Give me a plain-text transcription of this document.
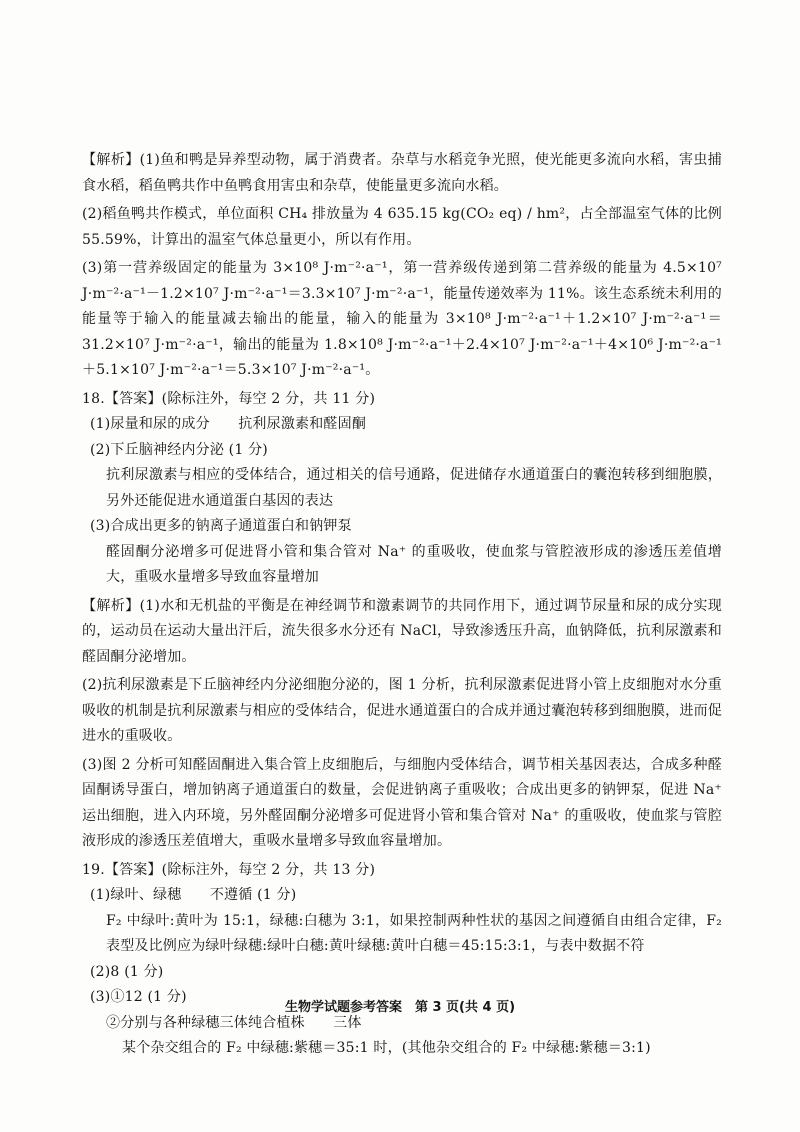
【解析】(1)鱼和鸭是异养型动物，属于消费者。杂草与水稻竞争光照，使光能更多流向水稻，害虫捕食水稻，稻鱼鸭共作中鱼鸭食用害虫和杂草，使能量更多流向水稻。

(2)稻鱼鸭共作模式，单位面积 CH₄ 排放量为 4 635.15 kg(CO₂ eq) / hm²，占全部温室气体的比例 55.59%，计算出的温室气体总量更小，所以有作用。

(3)第一营养级固定的能量为 3×10⁸ J·m⁻²·a⁻¹，第一营养级传递到第二营养级的能量为 4.5×10⁷ J·m⁻²·a⁻¹－1.2×10⁷ J·m⁻²·a⁻¹＝3.3×10⁷ J·m⁻²·a⁻¹，能量传递效率为 11%。该生态系统未利用的能量等于输入的能量减去输出的能量，输入的能量为 3×10⁸ J·m⁻²·a⁻¹＋1.2×10⁷ J·m⁻²·a⁻¹＝31.2×10⁷ J·m⁻²·a⁻¹，输出的能量为 1.8×10⁸ J·m⁻²·a⁻¹＋2.4×10⁷ J·m⁻²·a⁻¹＋4×10⁶ J·m⁻²·a⁻¹＋5.1×10⁷ J·m⁻²·a⁻¹＝5.3×10⁷ J·m⁻²·a⁻¹。

18.【答案】(除标注外，每空 2 分，共 11 分)

(1)尿量和尿的成分　　抗利尿激素和醛固酮

(2)下丘脑神经内分泌 (1 分)

抗利尿激素与相应的受体结合，通过相关的信号通路，促进储存水通道蛋白的囊泡转移到细胞膜，另外还能促进水通道蛋白基因的表达

(3)合成出更多的钠离子通道蛋白和钠钾泵

醛固酮分泌增多可促进肾小管和集合管对 Na⁺ 的重吸收，使血浆与管腔液形成的渗透压差值增大，重吸水量增多导致血容量增加

【解析】(1)水和无机盐的平衡是在神经调节和激素调节的共同作用下，通过调节尿量和尿的成分实现的，运动员在运动大量出汗后，流失很多水分还有 NaCl，导致渗透压升高，血钠降低，抗利尿激素和醛固酮分泌增加。

(2)抗利尿激素是下丘脑神经内分泌细胞分泌的，图 1 分析，抗利尿激素促进肾小管上皮细胞对水分重吸收的机制是抗利尿激素与相应的受体结合，促进水通道蛋白的合成并通过囊泡转移到细胞膜，进而促进水的重吸收。

(3)图 2 分析可知醛固酮进入集合管上皮细胞后，与细胞内受体结合，调节相关基因表达，合成多种醛固酮诱导蛋白，增加钠离子通道蛋白的数量，会促进钠离子重吸收；合成出更多的钠钾泵，促进 Na⁺ 运出细胞，进入内环境，另外醛固酮分泌增多可促进肾小管和集合管对 Na⁺ 的重吸收，使血浆与管腔液形成的渗透压差值增大，重吸水量增多导致血容量增加。

19.【答案】(除标注外，每空 2 分，共 13 分)

(1)绿叶、绿穗　　不遵循 (1 分)

F₂ 中绿叶:黄叶为 15:1，绿穗:白穗为 3:1，如果控制两种性状的基因之间遵循自由组合定律，F₂ 表型及比例应为绿叶绿穗:绿叶白穗:黄叶绿穗:黄叶白穗＝45:15:3:1，与表中数据不符

(2)8 (1 分)

(3)①12 (1 分)

②分别与各种绿穗三体纯合植株　　三体

某个杂交组合的 F₂ 中绿穗:紫穗＝35:1 时，(其他杂交组合的 F₂ 中绿穗:紫穗＝3:1)

生物学试题参考答案　第 3 页(共 4 页)
